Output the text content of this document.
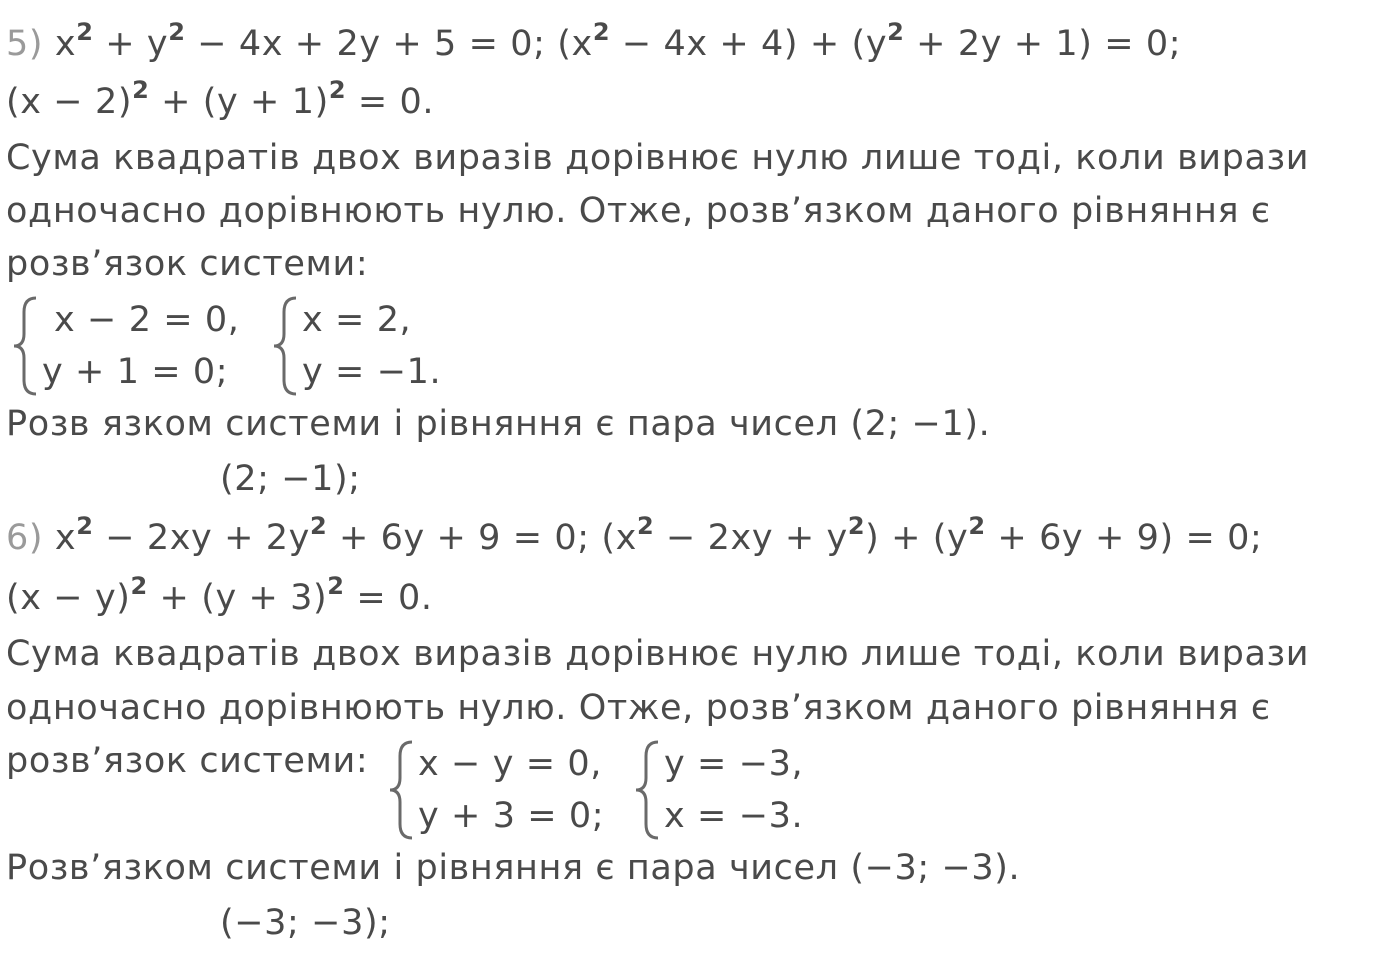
5) $x^2 + y^2 - 4x + 2y + 5 = 0$; $(x^2 - 4x + 4) + (y^2 + 2y + 1) = 0$;
$(x - 2)^2 + (y + 1)^2 = 0$.
Сума квадратів двох виразів дорівнює нулю лише тоді, коли вирази
одночасно дорівнюють нулю. Отже, розв’язком даного рівняння є
розв’язок системи:
x − 2 = 0,
y + 1 = 0;
x = 2,
y = −1.
Розв язком системи і рівняння є пара чисел (2; −1).
(2; −1);
6) $x^2 - 2xy + 2y^2 + 6y + 9 = 0$; $(x^2 - 2xy + y^2) + (y^2 + 6y + 9) = 0$;
$(x - y)^2 + (y + 3)^2 = 0$.
Сума квадратів двох виразів дорівнює нулю лише тоді, коли вирази
одночасно дорівнюють нулю. Отже, розв’язком даного рівняння є
розв’язок системи: x − y = 0,
y + 3 = 0;
y = −3,
x = −3.
Розв’язком системи і рівняння є пара чисел (−3; −3).
(−3; −3);
